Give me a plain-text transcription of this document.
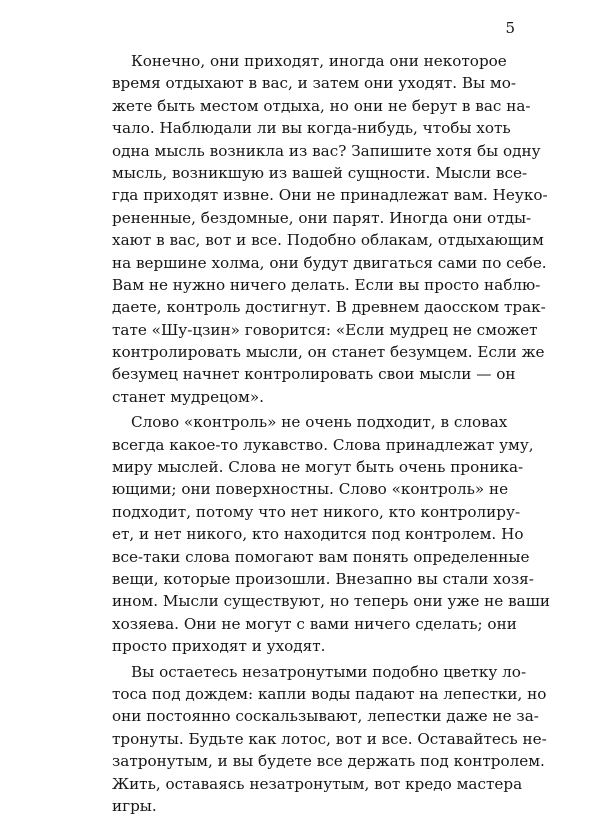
5
Конечно, они приходят, иногда они некоторое
время отдыхают в вас, и затем они уходят. Вы мо-
жете быть местом отдыха, но они не берут в вас на-
чало. Наблюдали ли вы когда-нибудь, чтобы хоть
одна мысль возникла из вас? Запишите хотя бы одну
мысль, возникшую из вашей сущности. Мысли все-
гда приходят извне. Они не принадлежат вам. Неуко-
рененные, бездомные, они парят. Иногда они отды-
хают в вас, вот и все. Подобно облакам, отдыхающим
на вершине холма, они будут двигаться сами по себе.
Вам не нужно ничего делать. Если вы просто наблю-
даете, контроль достигнут. В древнем даосском трак-
тате «Шу-цзин» говорится: «Если мудрец не сможет
контролировать мысли, он станет безумцем. Если же
безумец начнет контролировать свои мысли — он
станет мудрецом».
Слово «контроль» не очень подходит, в словах
всегда какое-то лукавство. Слова принадлежат уму,
миру мыслей. Слова не могут быть очень проника-
ющими; они поверхностны. Слово «контроль» не
подходит, потому что нет никого, кто контролиру-
ет, и нет никого, кто находится под контролем. Но
все-таки слова помогают вам понять определенные
вещи, которые произошли. Внезапно вы стали хозя-
ином. Мысли существуют, но теперь они уже не ваши
хозяева. Они не могут с вами ничего сделать; они
просто приходят и уходят.
Вы остаетесь незатронутыми подобно цветку ло-
тоса под дождем: капли воды падают на лепестки, но
они постоянно соскальзывают, лепестки даже не за-
тронуты. Будьте как лотос, вот и все. Оставайтесь не-
затронутым, и вы будете все держать под контролем.
Жить, оставаясь незатронутым, вот кредо мастера
игры.
